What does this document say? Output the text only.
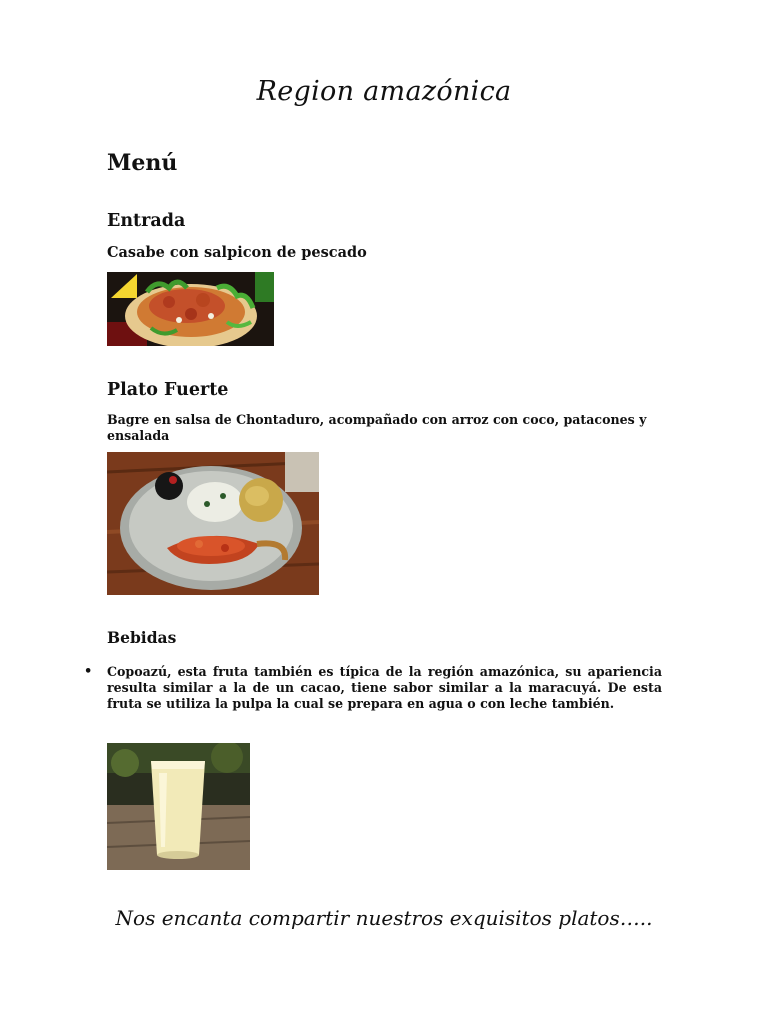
Region amazónica
Menú
Entrada

Casabe con salpicon de pescado

Plato Fuerte

Bagre en salsa de Chontaduro, acompañado con arroz con coco, patacones y ensalada

Bebidas
• Copoazú, esta fruta también es típica de la región amazónica, su apariencia resulta similar a la de un cacao, tiene sabor similar a la maracuyá. De esta fruta se utiliza la pulpa la cual se prepara en agua o con leche también.

Nos encanta compartir nuestros exquisitos platos…..
